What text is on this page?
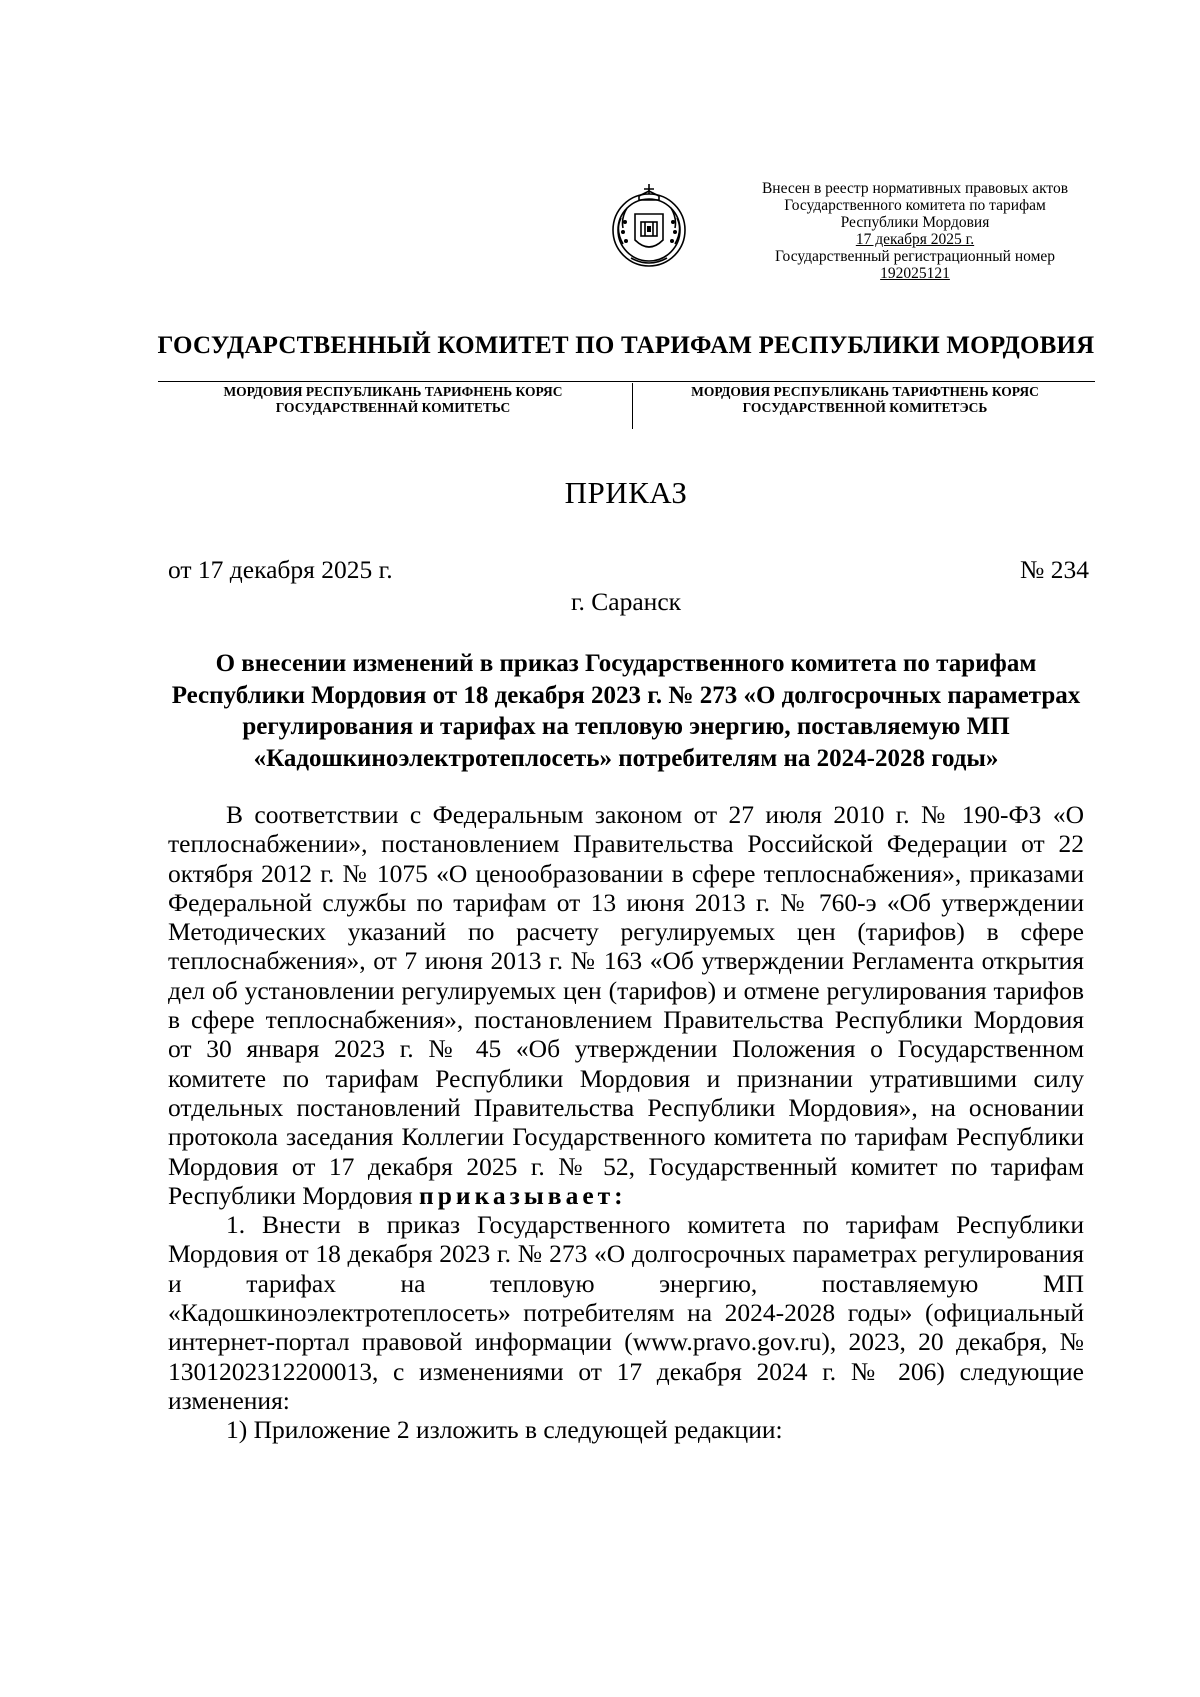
Внесен в реестр нормативных правовых актов
Государственного комитета по тарифам
Республики Мордовия
17 декабря 2025 г.
Государственный регистрационный номер
192025121
ГОСУДАРСТВЕННЫЙ КОМИТЕТ ПО ТАРИФАМ РЕСПУБЛИКИ МОРДОВИЯ
МОРДОВИЯ РЕСПУБЛИКАНЬ ТАРИФНЕНЬ КОРЯС
ГОСУДАРСТВЕННАЙ КОМИТЕТЬС
МОРДОВИЯ РЕСПУБЛИКАНЬ ТАРИФТНЕНЬ КОРЯС
ГОСУДАРСТВЕННОЙ КОМИТЕТЭСЬ
ПРИКАЗ
от 17 декабря 2025 г.	№ 234
г. Саранск
О внесении изменений в приказ Государственного комитета по тарифам Республики Мордовия от 18 декабря 2023 г. № 273 «О долгосрочных параметрах регулирования и тарифах на тепловую энергию, поставляемую МП «Кадошкиноэлектротеплосеть» потребителям на 2024-2028 годы»

В соответствии с Федеральным законом от 27 июля 2010 г. № 190-ФЗ «О теплоснабжении», постановлением Правительства Российской Федерации от 22 октября 2012 г. № 1075 «О ценообразовании в сфере теплоснабжения», приказами Федеральной службы по тарифам от 13 июня 2013 г. № 760-э «Об утверждении Методических указаний по расчету регулируемых цен (тарифов) в сфере теплоснабжения», от 7 июня 2013 г. № 163 «Об утверждении Регламента открытия дел об установлении регулируемых цен (тарифов) и отмене регулирования тарифов в сфере теплоснабжения», постановлением Правительства Республики Мордовия от 30 января 2023 г. № 45 «Об утверждении Положения о Государственном комитете по тарифам Республики Мордовия и признании утратившими силу отдельных постановлений Правительства Республики Мордовия», на основании протокола заседания Коллегии Государственного комитета по тарифам Республики Мордовия от 17 декабря 2025 г. № 52, Государственный комитет по тарифам Республики Мордовия приказывает:

1. Внести в приказ Государственного комитета по тарифам Республики Мордовия от 18 декабря 2023 г. № 273 «О долгосрочных параметрах регулирования и тарифах на тепловую энергию, поставляемую МП «Кадошкиноэлектротеплосеть» потребителям на 2024-2028 годы» (официальный интернет-портал правовой информации (www.pravo.gov.ru), 2023, 20 декабря, № 1301202312200013, с изменениями от 17 декабря 2024 г. № 206) следующие изменения:

1) Приложение 2 изложить в следующей редакции:
